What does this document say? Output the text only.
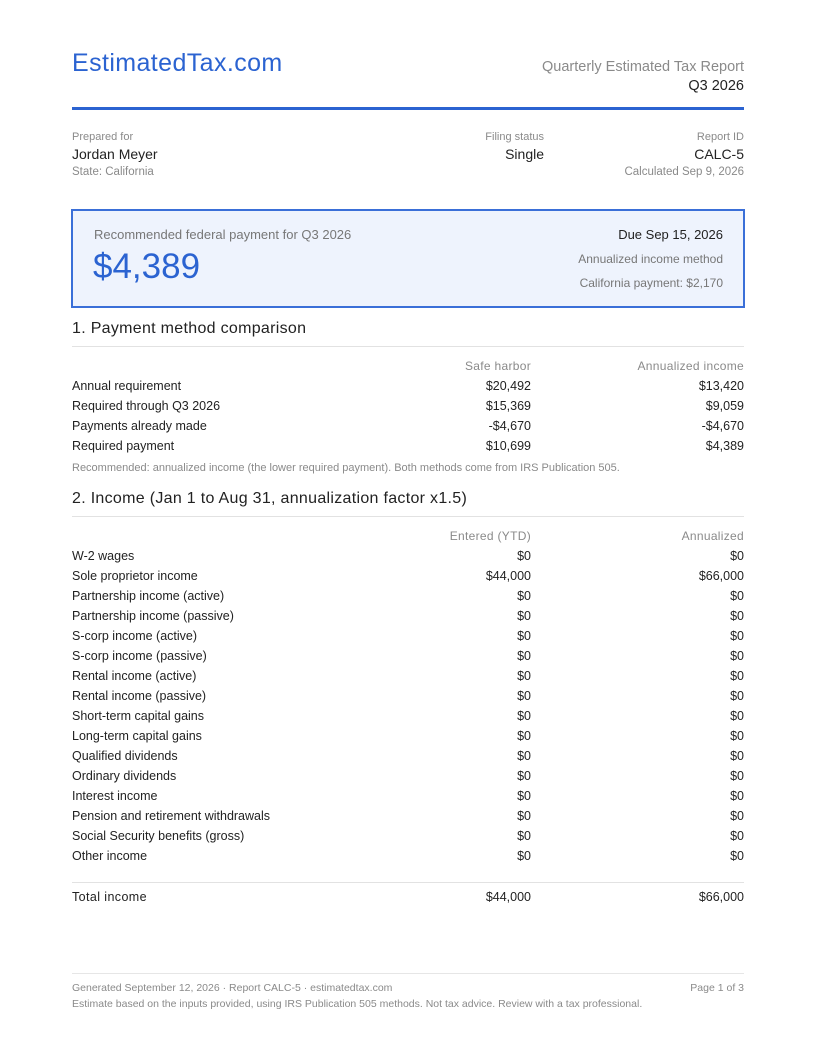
EstimatedTax.com	Quarterly Estimated Tax Report
Q3 2026
Prepared for
Jordan Meyer
State: California
Filing status
Single
Report ID
CALC-5
Calculated Sep 9, 2026
Recommended federal payment for Q3 2026
$4,389
Due Sep 15, 2026
Annualized income method
California payment: $2,170
1. Payment method comparison
Safe harbor	Annualized income
Annual requirement	$20,492	$13,420
Required through Q3 2026	$15,369	$9,059
Payments already made	-$4,670	-$4,670
Required payment	$10,699	$4,389
Recommended: annualized income (the lower required payment). Both methods come from IRS Publication 505.
2. Income (Jan 1 to Aug 31, annualization factor x1.5)
Entered (YTD)	Annualized
W-2 wages	$0	$0
Sole proprietor income	$44,000	$66,000
Partnership income (active)	$0	$0
Partnership income (passive)	$0	$0
S-corp income (active)	$0	$0
S-corp income (passive)	$0	$0
Rental income (active)	$0	$0
Rental income (passive)	$0	$0
Short-term capital gains	$0	$0
Long-term capital gains	$0	$0
Qualified dividends	$0	$0
Ordinary dividends	$0	$0
Interest income	$0	$0
Pension and retirement withdrawals	$0	$0
Social Security benefits (gross)	$0	$0
Other income	$0	$0
Total income	$44,000	$66,000
Generated September 12, 2026 · Report CALC-5 · estimatedtax.com	Page 1 of 3
Estimate based on the inputs provided, using IRS Publication 505 methods. Not tax advice. Review with a tax professional.
